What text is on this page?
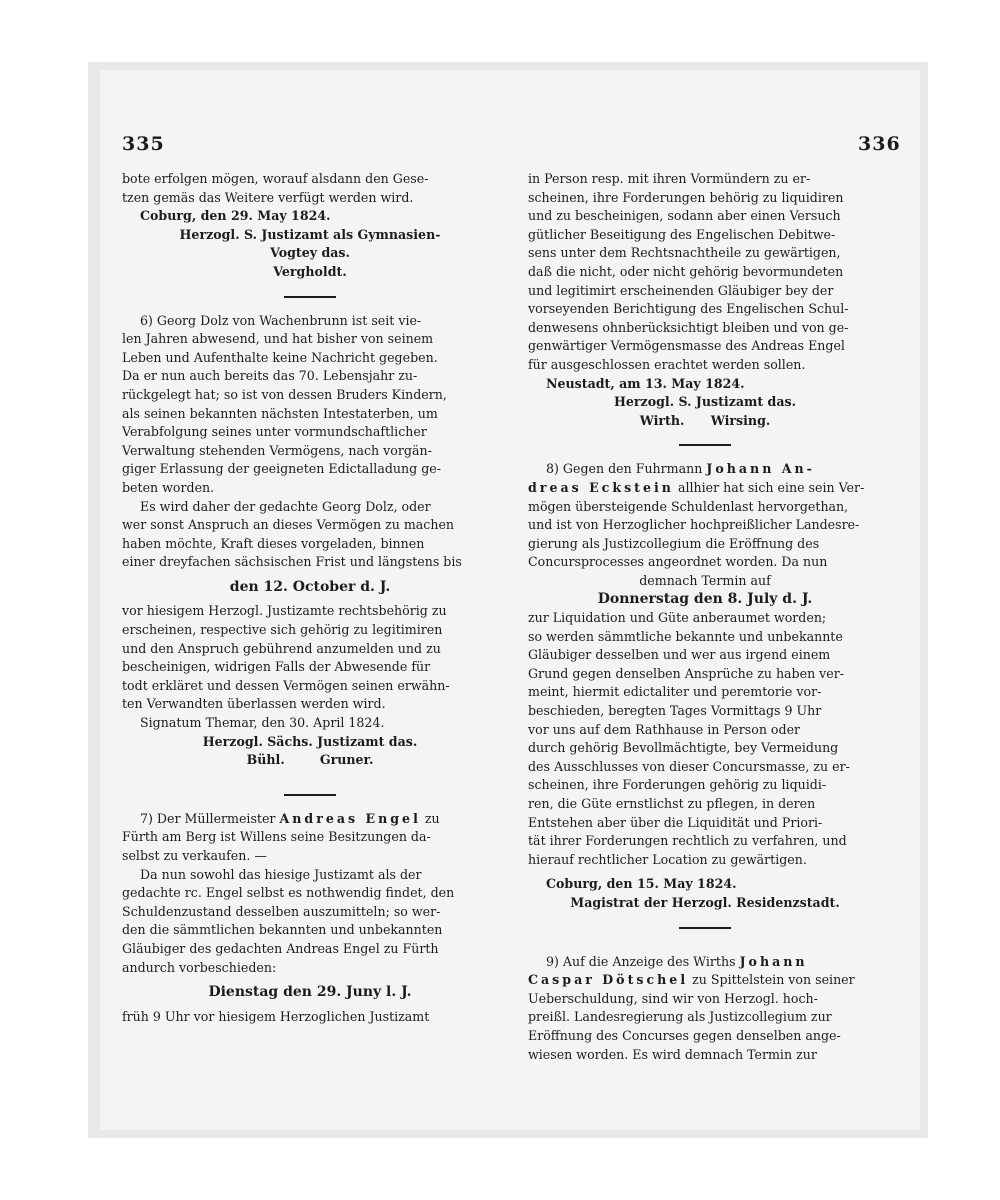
335	336

bote erfolgen mögen, worauf alsdann den Gese-

tzen gemäs das Weitere verfügt werden wird.

Coburg, den 29. May 1824.

Herzogl. S. Justizamt als Gymnasien-

Vogtey das.

Vergholdt.

6) Georg Dolz von Wachenbrunn ist seit vie-

len Jahren abwesend, und hat bisher von seinem

Leben und Aufenthalte keine Nachricht gegeben.

Da er nun auch bereits das 70. Lebensjahr zu-

rückgelegt hat; so ist von dessen Bruders Kindern,

als seinen bekannten nächsten Intestaterben, um

Verabfolgung seines unter vormundschaftlicher

Verwaltung stehenden Vermögens, nach vorgän-

giger Erlassung der geeigneten Edictalladung ge-

beten worden.

Es wird daher der gedachte Georg Dolz, oder

wer sonst Anspruch an dieses Vermögen zu machen

haben möchte, Kraft dieses vorgeladen, binnen

einer dreyfachen sächsischen Frist und längstens bis

den 12. October d. J.

vor hiesigem Herzogl. Justizamte rechtsbehörig zu

erscheinen, respective sich gehörig zu legitimiren

und den Anspruch gebührend anzumelden und zu

bescheinigen, widrigen Falls der Abwesende für

todt erkläret und dessen Vermögen seinen erwähn-

ten Verwandten überlassen werden wird.

Signatum Themar, den 30. April 1824.

Herzogl. Sächs. Justizamt das.

Bühl.	Gruner.

7) Der Müllermeister Andreas Engel zu

Fürth am Berg ist Willens seine Besitzungen da-

selbst zu verkaufen. —

Da nun sowohl das hiesige Justizamt als der

gedachte rc. Engel selbst es nothwendig findet, den

Schuldenzustand desselben auszumitteln; so wer-

den die sämmtlichen bekannten und unbekannten

Gläubiger des gedachten Andreas Engel zu Fürth

andurch vorbeschieden:

Dienstag den 29. Juny l. J.

früh 9 Uhr vor hiesigem Herzoglichen Justizamt

in Person resp. mit ihren Vormündern zu er-

scheinen, ihre Forderungen behörig zu liquidiren

und zu bescheinigen, sodann aber einen Versuch

gütlicher Beseitigung des Engelischen Debitwe-

sens unter dem Rechtsnachtheile zu gewärtigen,

daß die nicht, oder nicht gehörig bevormundeten

und legitimirt erscheinenden Gläubiger bey der

vorseyenden Berichtigung des Engelischen Schul-

denwesens ohnberücksichtigt bleiben und von ge-

genwärtiger Vermögensmasse des Andreas Engel

für ausgeschlossen erachtet werden sollen.

Neustadt, am 13. May 1824.

Herzogl. S. Justizamt das.

Wirth. Wirsing.

8) Gegen den Fuhrmann Johann An-

dreas Eckstein allhier hat sich eine sein Ver-

mögen übersteigende Schuldenlast hervorgethan,

und ist von Herzoglicher hochpreißlicher Landesre-

gierung als Justizcollegium die Eröffnung des

Concursprocesses angeordnet worden. Da nun

demnach Termin auf

Donnerstag den 8. July d. J.

zur Liquidation und Güte anberaumet worden;

so werden sämmtliche bekannte und unbekannte

Gläubiger desselben und wer aus irgend einem

Grund gegen denselben Ansprüche zu haben ver-

meint, hiermit edictaliter und peremtorie vor-

beschieden, beregten Tages Vormittags 9 Uhr

vor uns auf dem Rathhause in Person oder

durch gehörig Bevollmächtigte, bey Vermeidung

des Ausschlusses von dieser Concursmasse, zu er-

scheinen, ihre Forderungen gehörig zu liquidi-

ren, die Güte ernstlichst zu pflegen, in deren

Entstehen aber über die Liquidität und Priori-

tät ihrer Forderungen rechtlich zu verfahren, und

hierauf rechtlicher Location zu gewärtigen.

Coburg, den 15. May 1824.

Magistrat der Herzogl. Residenzstadt.

9) Auf die Anzeige des Wirths Johann

Caspar Dötschel zu Spittelstein von seiner

Ueberschuldung, sind wir von Herzogl. hoch-

preißl. Landesregierung als Justizcollegium zur

Eröffnung des Concurses gegen denselben ange-

wiesen worden. Es wird demnach Termin zur
